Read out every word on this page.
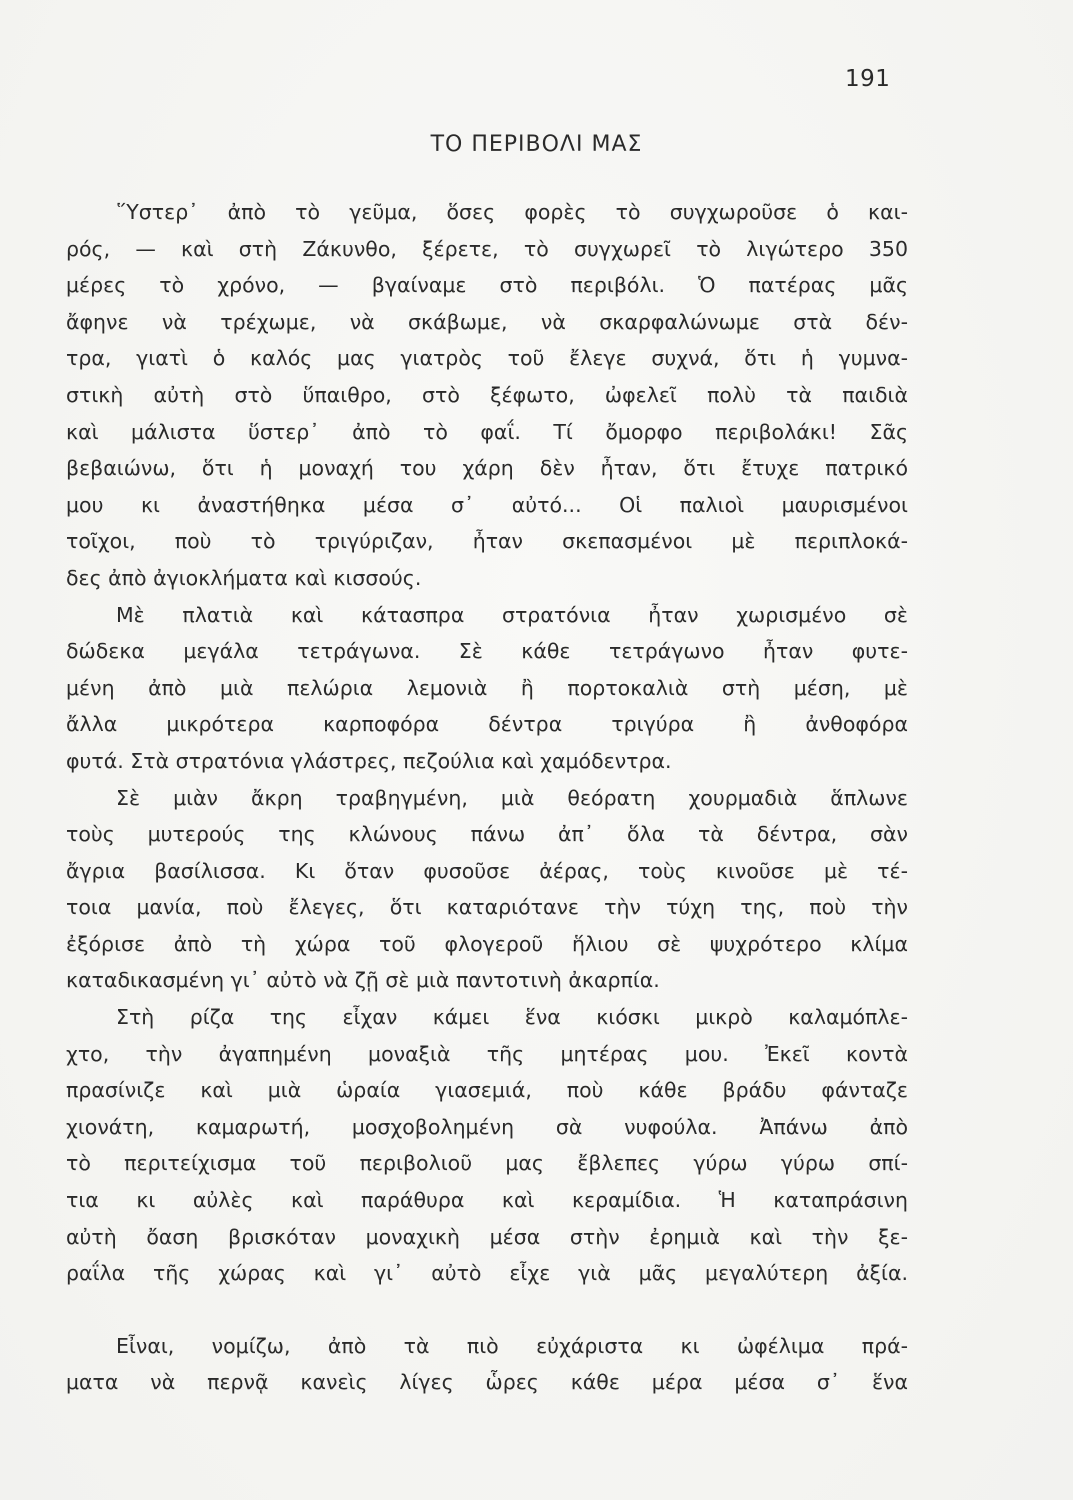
191
ΤΟ ΠΕΡΙΒΟΛΙ ΜΑΣ
῞Υστερ᾿ ἀπὸ τὸ γεῦμα, ὅσες φορὲς τὸ συγχωροῦσε ὁ και-
ρός, — καὶ στὴ Ζάκυνθο, ξέρετε, τὸ συγχωρεῖ τὸ λιγώτερο 350
μέρες τὸ χρόνο, — βγαίναμε στὸ περιβόλι. Ὁ πατέρας μᾶς
ἄφηνε νὰ τρέχωμε, νὰ σκάβωμε, νὰ σκαρφαλώνωμε στὰ δέν-
τρα, γιατὶ ὁ καλός μας γιατρὸς τοῦ ἔλεγε συχνά, ὅτι ἡ γυμνα-
στικὴ αὐτὴ στὸ ὕπαιθρο, στὸ ξέφωτο, ὠφελεῖ πολὺ τὰ παιδιὰ
καὶ μάλιστα ὕστερ᾿ ἀπὸ τὸ φαΐ. Τί ὄμορφο περιβολάκι! Σᾶς
βεβαιώνω, ὅτι ἡ μοναχή του χάρη δὲν ἦταν, ὅτι ἔτυχε πατρικό
μου κι ἀναστήθηκα μέσα σ᾿ αὐτό... Οἱ παλιοὶ μαυρισμένοι
τοῖχοι, ποὺ τὸ τριγύριζαν, ἦταν σκεπασμένοι μὲ περιπλοκά-
δες ἀπὸ ἀγιοκλήματα καὶ κισσούς.
Μὲ πλατιὰ καὶ κάτασπρα στρατόνια ἦταν χωρισμένο σὲ
δώδεκα μεγάλα τετράγωνα. Σὲ κάθε τετράγωνο ἦταν φυτε-
μένη ἀπὸ μιὰ πελώρια λεμονιὰ ἢ πορτοκαλιὰ στὴ μέση, μὲ
ἄλλα μικρότερα καρποφόρα δέντρα τριγύρα ἢ ἀνθοφόρα
φυτά. Στὰ στρατόνια γλάστρες, πεζούλια καὶ χαμόδεντρα.
Σὲ μιὰν ἄκρη τραβηγμένη, μιὰ θεόρατη χουρμαδιὰ ἅπλωνε
τοὺς μυτερούς της κλώνους πάνω ἀπ᾿ ὅλα τὰ δέντρα, σὰν
ἄγρια βασίλισσα. Κι ὅταν φυσοῦσε ἀέρας, τοὺς κινοῦσε μὲ τέ-
τοια μανία, ποὺ ἔλεγες, ὅτι καταριότανε τὴν τύχη της, ποὺ τὴν
ἐξόρισε ἀπὸ τὴ χώρα τοῦ φλογεροῦ ἥλιου σὲ ψυχρότερο κλίμα
καταδικασμένη γι᾿ αὐτὸ νὰ ζῇ σὲ μιὰ παντοτινὴ ἀκαρπία.
Στὴ ρίζα της εἶχαν κάμει ἕνα κιόσκι μικρὸ καλαμόπλε-
χτο, τὴν ἀγαπημένη μοναξιὰ τῆς μητέρας μου. Ἐκεῖ κοντὰ
πρασίνιζε καὶ μιὰ ὡραία γιασεμιά, ποὺ κάθε βράδυ φάνταζε
χιονάτη, καμαρωτή, μοσχοβολημένη σὰ νυφούλα. Ἀπάνω ἀπὸ
τὸ περιτείχισμα τοῦ περιβολιοῦ μας ἔβλεπες γύρω γύρω σπί-
τια κι αὐλὲς καὶ παράθυρα καὶ κεραμίδια. Ἡ καταπράσινη
αὐτὴ ὄαση βρισκόταν μοναχικὴ μέσα στὴν ἐρημιὰ καὶ τὴν ξε-
ραΐλα τῆς χώρας καὶ γι᾿ αὐτὸ εἶχε γιὰ μᾶς μεγαλύτερη ἀξία.
Εἶναι, νομίζω, ἀπὸ τὰ πιὸ εὐχάριστα κι ὠφέλιμα πρά-
ματα νὰ περνᾷ κανεὶς λίγες ὧρες κάθε μέρα μέσα σ᾿ ἕνα
